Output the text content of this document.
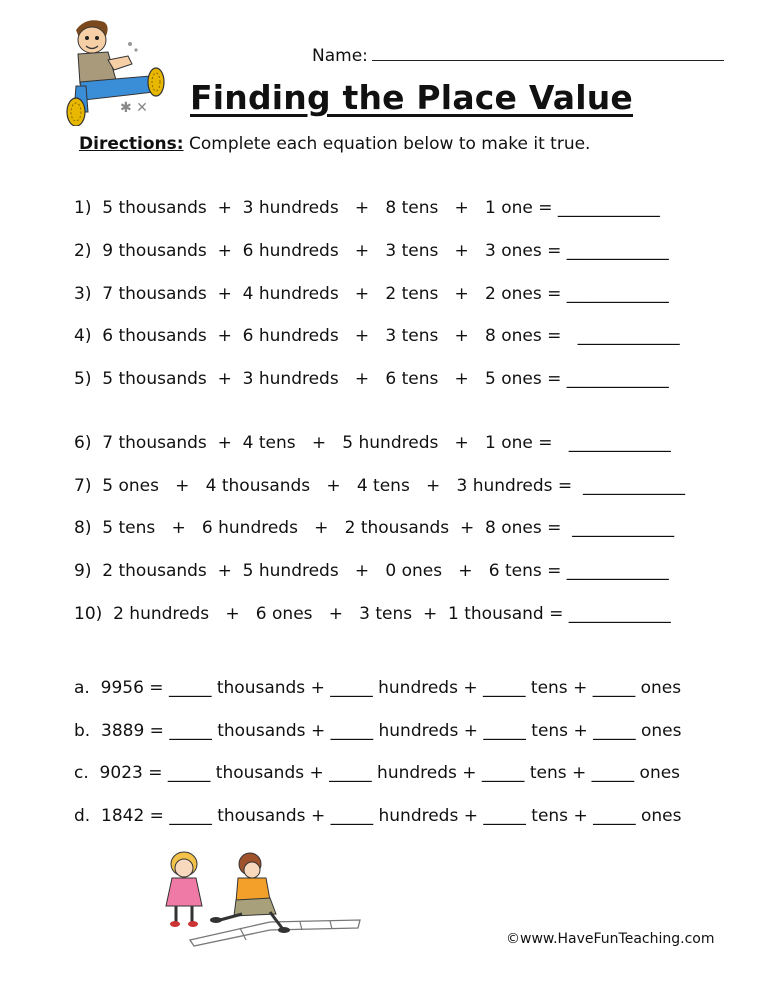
✱ ✕
Name:
Finding the Place Value
Directions: Complete each equation below to make it true.
1)  5 thousands  +  3 hundreds   +   8 tens   +   1 one = ____________
2)  9 thousands  +  6 hundreds   +   3 tens   +   3 ones = ____________
3)  7 thousands  +  4 hundreds   +   2 tens   +   2 ones = ____________
4)  6 thousands  +  6 hundreds   +   3 tens   +   8 ones =   ____________
5)  5 thousands  +  3 hundreds   +   6 tens   +   5 ones = ____________
6)  7 thousands  +  4 tens   +   5 hundreds   +   1 one =   ____________
7)  5 ones   +   4 thousands   +   4 tens   +   3 hundreds =  ____________
8)  5 tens   +   6 hundreds   +   2 thousands  +  8 ones =  ____________
9)  2 thousands  +  5 hundreds   +   0 ones   +   6 tens = ____________
10)  2 hundreds   +   6 ones   +   3 tens  +  1 thousand = ____________
a.  9956 = _____ thousands + _____ hundreds + _____ tens + _____ ones
b.  3889 = _____ thousands + _____ hundreds + _____ tens + _____ ones
c.  9023 = _____ thousands + _____ hundreds + _____ tens + _____ ones
d.  1842 = _____ thousands + _____ hundreds + _____ tens + _____ ones
©www.HaveFunTeaching.com
